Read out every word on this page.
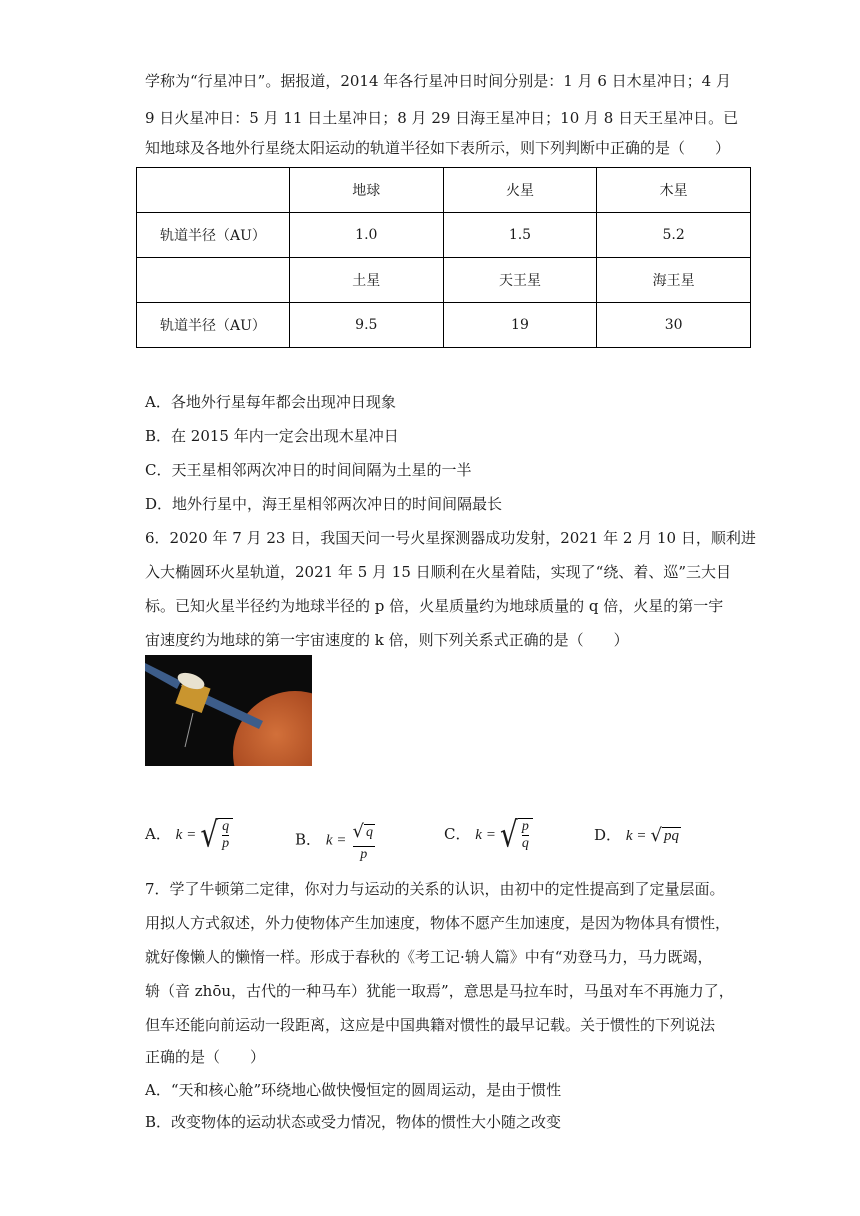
学称为“行星冲日”。据报道，2014 年各行星冲日时间分别是：1 月 6 日木星冲日；4 月
9 日火星冲日：5 月 11 日土星冲日；8 月 29 日海王星冲日；10 月 8 日天王星冲日。已
知地球及各地外行星绕太阳运动的轨道半径如下表所示，则下列判断中正确的是（　　）
	地球	火星	木星
轨道半径（AU）	1.0	1.5	5.2
	土星	天王星	海王星
轨道半径（AU）	9.5	19	30
A．各地外行星每年都会出现冲日现象
B．在 2015 年内一定会出现木星冲日
C．天王星相邻两次冲日的时间间隔为土星的一半
D．地外行星中，海王星相邻两次冲日的时间间隔最长
6．2020 年 7 月 23 日，我国天问一号火星探测器成功发射，2021 年 2 月 10 日，顺利进
入大椭圆环火星轨道，2021 年 5 月 15 日顺利在火星着陆，实现了“绕、着、巡”三大目
标。已知火星半径约为地球半径的 p 倍，火星质量约为地球质量的 q 倍，火星的第一宇
宙速度约为地球的第一宇宙速度的 k 倍，则下列关系式正确的是（　　）
A． k = √ $\frac{q}{p}$	B． $k = \frac{√ q}{p}$	C． k = √ $\frac{p}{q}$	D． k = √ pq
7．学了牛顿第二定律，你对力与运动的关系的认识，由初中的定性提高到了定量层面。
用拟人方式叙述，外力使物体产生加速度，物体不愿产生加速度，是因为物体具有惯性，
就好像懒人的懒惰一样。形成于春秋的《考工记·辀人篇》中有“劝登马力，马力既竭，
辀（音 zhōu，古代的一种马车）犹能一取焉”，意思是马拉车时，马虽对车不再施力了，
但车还能向前运动一段距离，这应是中国典籍对惯性的最早记载。关于惯性的下列说法
正确的是（　　）
A．“天和核心舱”环绕地心做快慢恒定的圆周运动，是由于惯性
B．改变物体的运动状态或受力情况，物体的惯性大小随之改变
